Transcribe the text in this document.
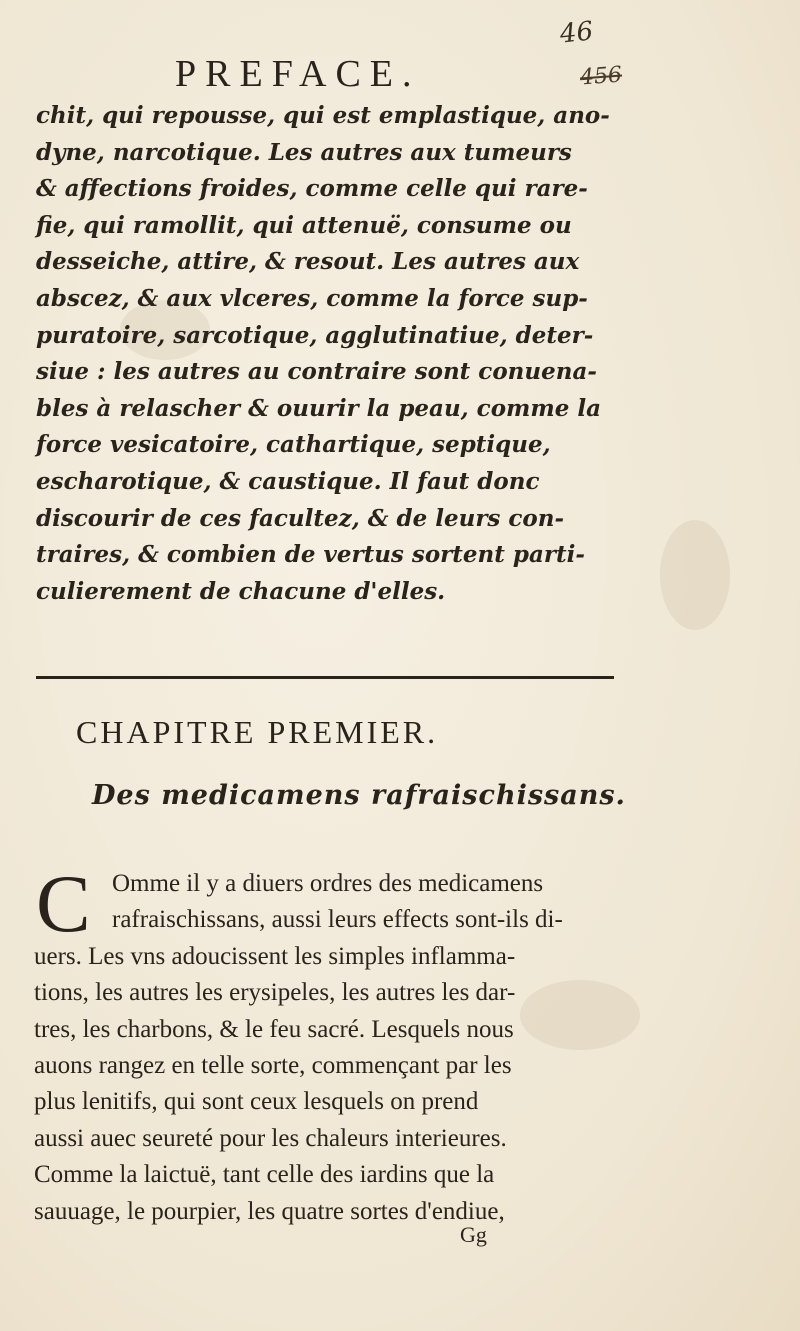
46
456
PREFACE.
chit, qui repousse, qui est emplastique, ano-
dyne, narcotique. Les autres aux tumeurs
& affections froides, comme celle qui rare-
fie, qui ramollit, qui attenuë, consume ou
desseiche, attire, & resout. Les autres aux
abscez, & aux vlceres, comme la force sup-
puratoire, sarcotique, agglutinatiue, deter-
siue : les autres au contraire sont conuena-
bles à relascher & ouurir la peau, comme la
force vesicatoire, cathartique, septique,
escharotique, & caustique. Il faut donc
discourir de ces facultez, & de leurs con-
traires, & combien de vertus sortent parti-
culierement de chacune d'elles.
CHAPITRE PREMIER.
Des medicamens rafraischissans.
C Omme il y a diuers ordres des medicamens
rafraischissans, aussi leurs effects sont-ils di-
uers. Les vns adoucissent les simples inflamma-
tions, les autres les erysipeles, les autres les dar-
tres, les charbons, & le feu sacré. Lesquels nous
auons rangez en telle sorte, commençant par les
plus lenitifs, qui sont ceux lesquels on prend
aussi auec seureté pour les chaleurs interieures.
Comme la laictuë, tant celle des iardins que la
sauuage, le pourpier, les quatre sortes d'endiue,
Gg
